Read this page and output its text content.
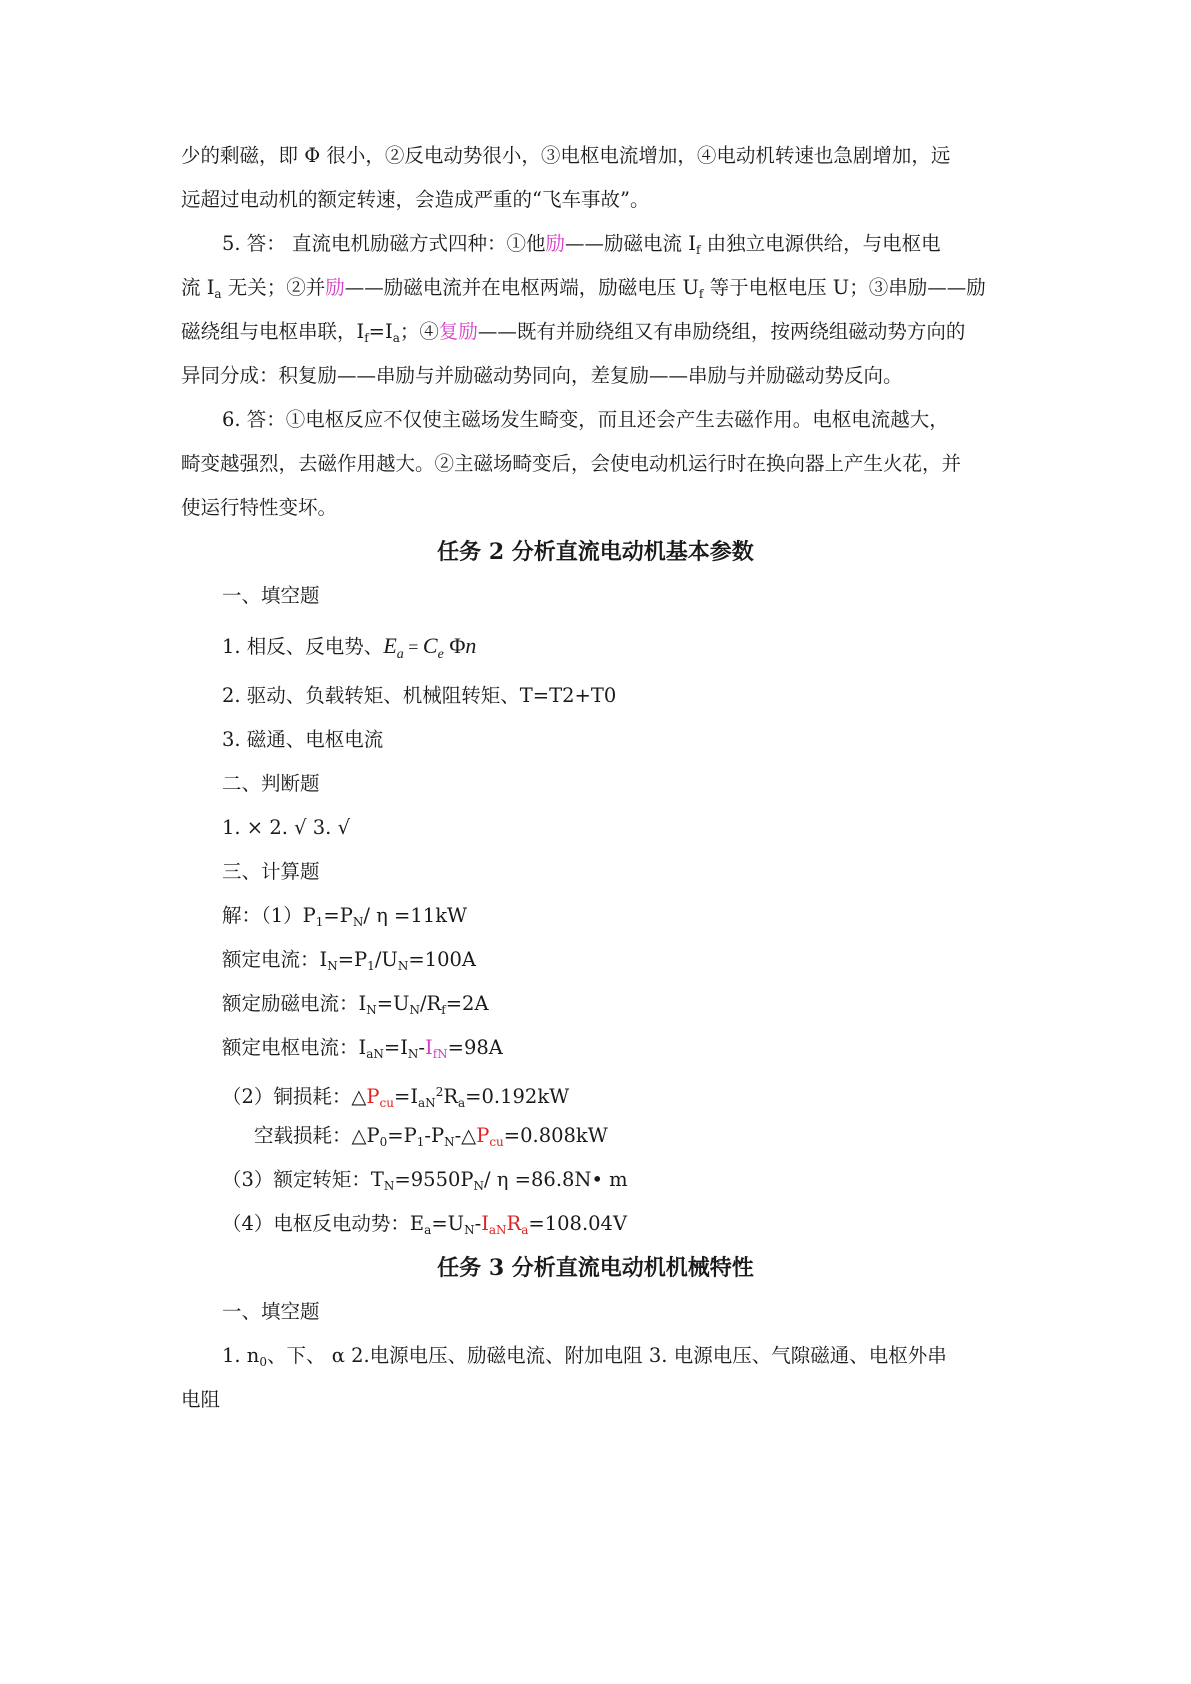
少的剩磁，即 Φ 很小，②反电动势很小，③电枢电流增加，④电动机转速也急剧增加，远
远超过电动机的额定转速，会造成严重的“飞车事故”。
5. 答： 直流电机励磁方式四种：①他励——励磁电流 $I_f$ 由独立电源供给，与电枢电
流 $I_a$ 无关；②并励——励磁电流并在电枢两端，励磁电压 $U_f$ 等于电枢电压 U；③串励——励
磁绕组与电枢串联，$I_f=I_a$；④复励——既有并励绕组又有串励绕组，按两绕组磁动势方向的
异同分成：积复励——串励与并励磁动势同向，差复励——串励与并励磁动势反向。
6. 答：①电枢反应不仅使主磁场发生畸变，而且还会产生去磁作用。电枢电流越大，
畸变越强烈，去磁作用越大。②主磁场畸变后，会使电动机运行时在换向器上产生火花，并
使运行特性变坏。
任务 2 分析直流电动机基本参数
一、填空题
1. 相反、反电势、$E_a = C_e$ Φn
2. 驱动、负载转矩、机械阻转矩、T=T2+T0
3. 磁通、电枢电流
二、判断题
1. × 2. √ 3. √
三、计算题
解：$(1)P_1=P_N/$ η =11kW
额定电流：$I_N=P_1/U_N=100A$
额定励磁电流：$I_N=U_N/R_f=2A$
额定电枢电流：$I_{aN}=I_N-I_{fN}=98A$
（2）铜损耗：$\triangle P_{cu}=I_{aN}^2R_a=0.192kW$
空载损耗：$\triangle P_0=P_1-P_N-\triangle P_{cu}=0.808kW$
（3）额定转矩：$T_N=9550P_N/$ η =86.8N• m
（4）电枢反电动势：$E_a=U_N-I_{aN}R_a=108.04V$
任务 3 分析直流电动机机械特性
一、填空题
1. $n_0$、下、 α 2.电源电压、励磁电流、附加电阻 3. 电源电压、气隙磁通、电枢外串
电阻
